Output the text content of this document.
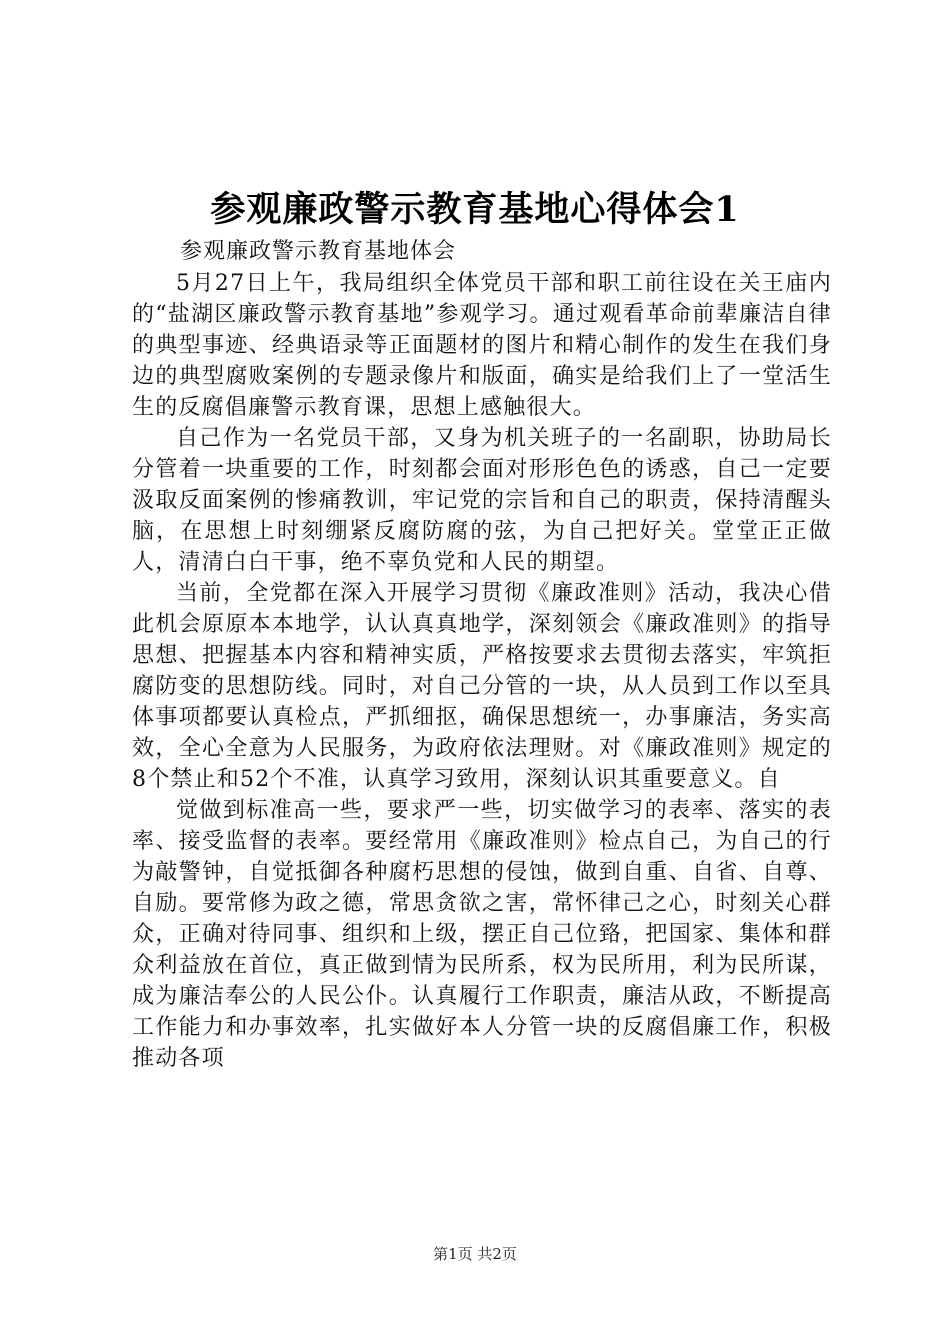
参观廉政警示教育基地心得体会1

参观廉政警示教育基地体会

5月27日上午，我局组织全体党员干部和职工前往设在关王庙内的“盐湖区廉政警示教育基地”参观学习。通过观看革命前辈廉洁自律的典型事迹、经典语录等正面题材的图片和精心制作的发生在我们身边的典型腐败案例的专题录像片和版面，确实是给我们上了一堂活生生的反腐倡廉警示教育课，思想上感触很大。

自己作为一名党员干部，又身为机关班子的一名副职，协助局长分管着一块重要的工作，时刻都会面对形形色色的诱惑，自己一定要汲取反面案例的惨痛教训，牢记党的宗旨和自己的职责，保持清醒头脑，在思想上时刻绷紧反腐防腐的弦，为自己把好关。堂堂正正做人，清清白白干事，绝不辜负党和人民的期望。

当前，全党都在深入开展学习贯彻《廉政准则》活动，我决心借此机会原原本本地学，认认真真地学，深刻领会《廉政准则》的指导思想、把握基本内容和精神实质，严格按要求去贯彻去落实，牢筑拒腐防变的思想防线。同时，对自己分管的一块，从人员到工作以至具体事项都要认真检点，严抓细抠，确保思想统一，办事廉洁，务实高效，全心全意为人民服务，为政府依法理财。对《廉政准则》规定的8个禁止和52个不准，认真学习致用，深刻认识其重要意义。自

觉做到标准高一些，要求严一些，切实做学习的表率、落实的表率、接受监督的表率。要经常用《廉政准则》检点自己，为自己的行为敲警钟，自觉抵御各种腐朽思想的侵蚀，做到自重、自省、自尊、自励。要常修为政之德，常思贪欲之害，常怀律己之心，时刻关心群众，正确对待同事、组织和上级，摆正自己位臵，把国家、集体和群众利益放在首位，真正做到情为民所系，权为民所用，利为民所谋，成为廉洁奉公的人民公仆。认真履行工作职责，廉洁从政，不断提高工作能力和办事效率，扎实做好本人分管一块的反腐倡廉工作，积极推动各项

第1页 共2页
